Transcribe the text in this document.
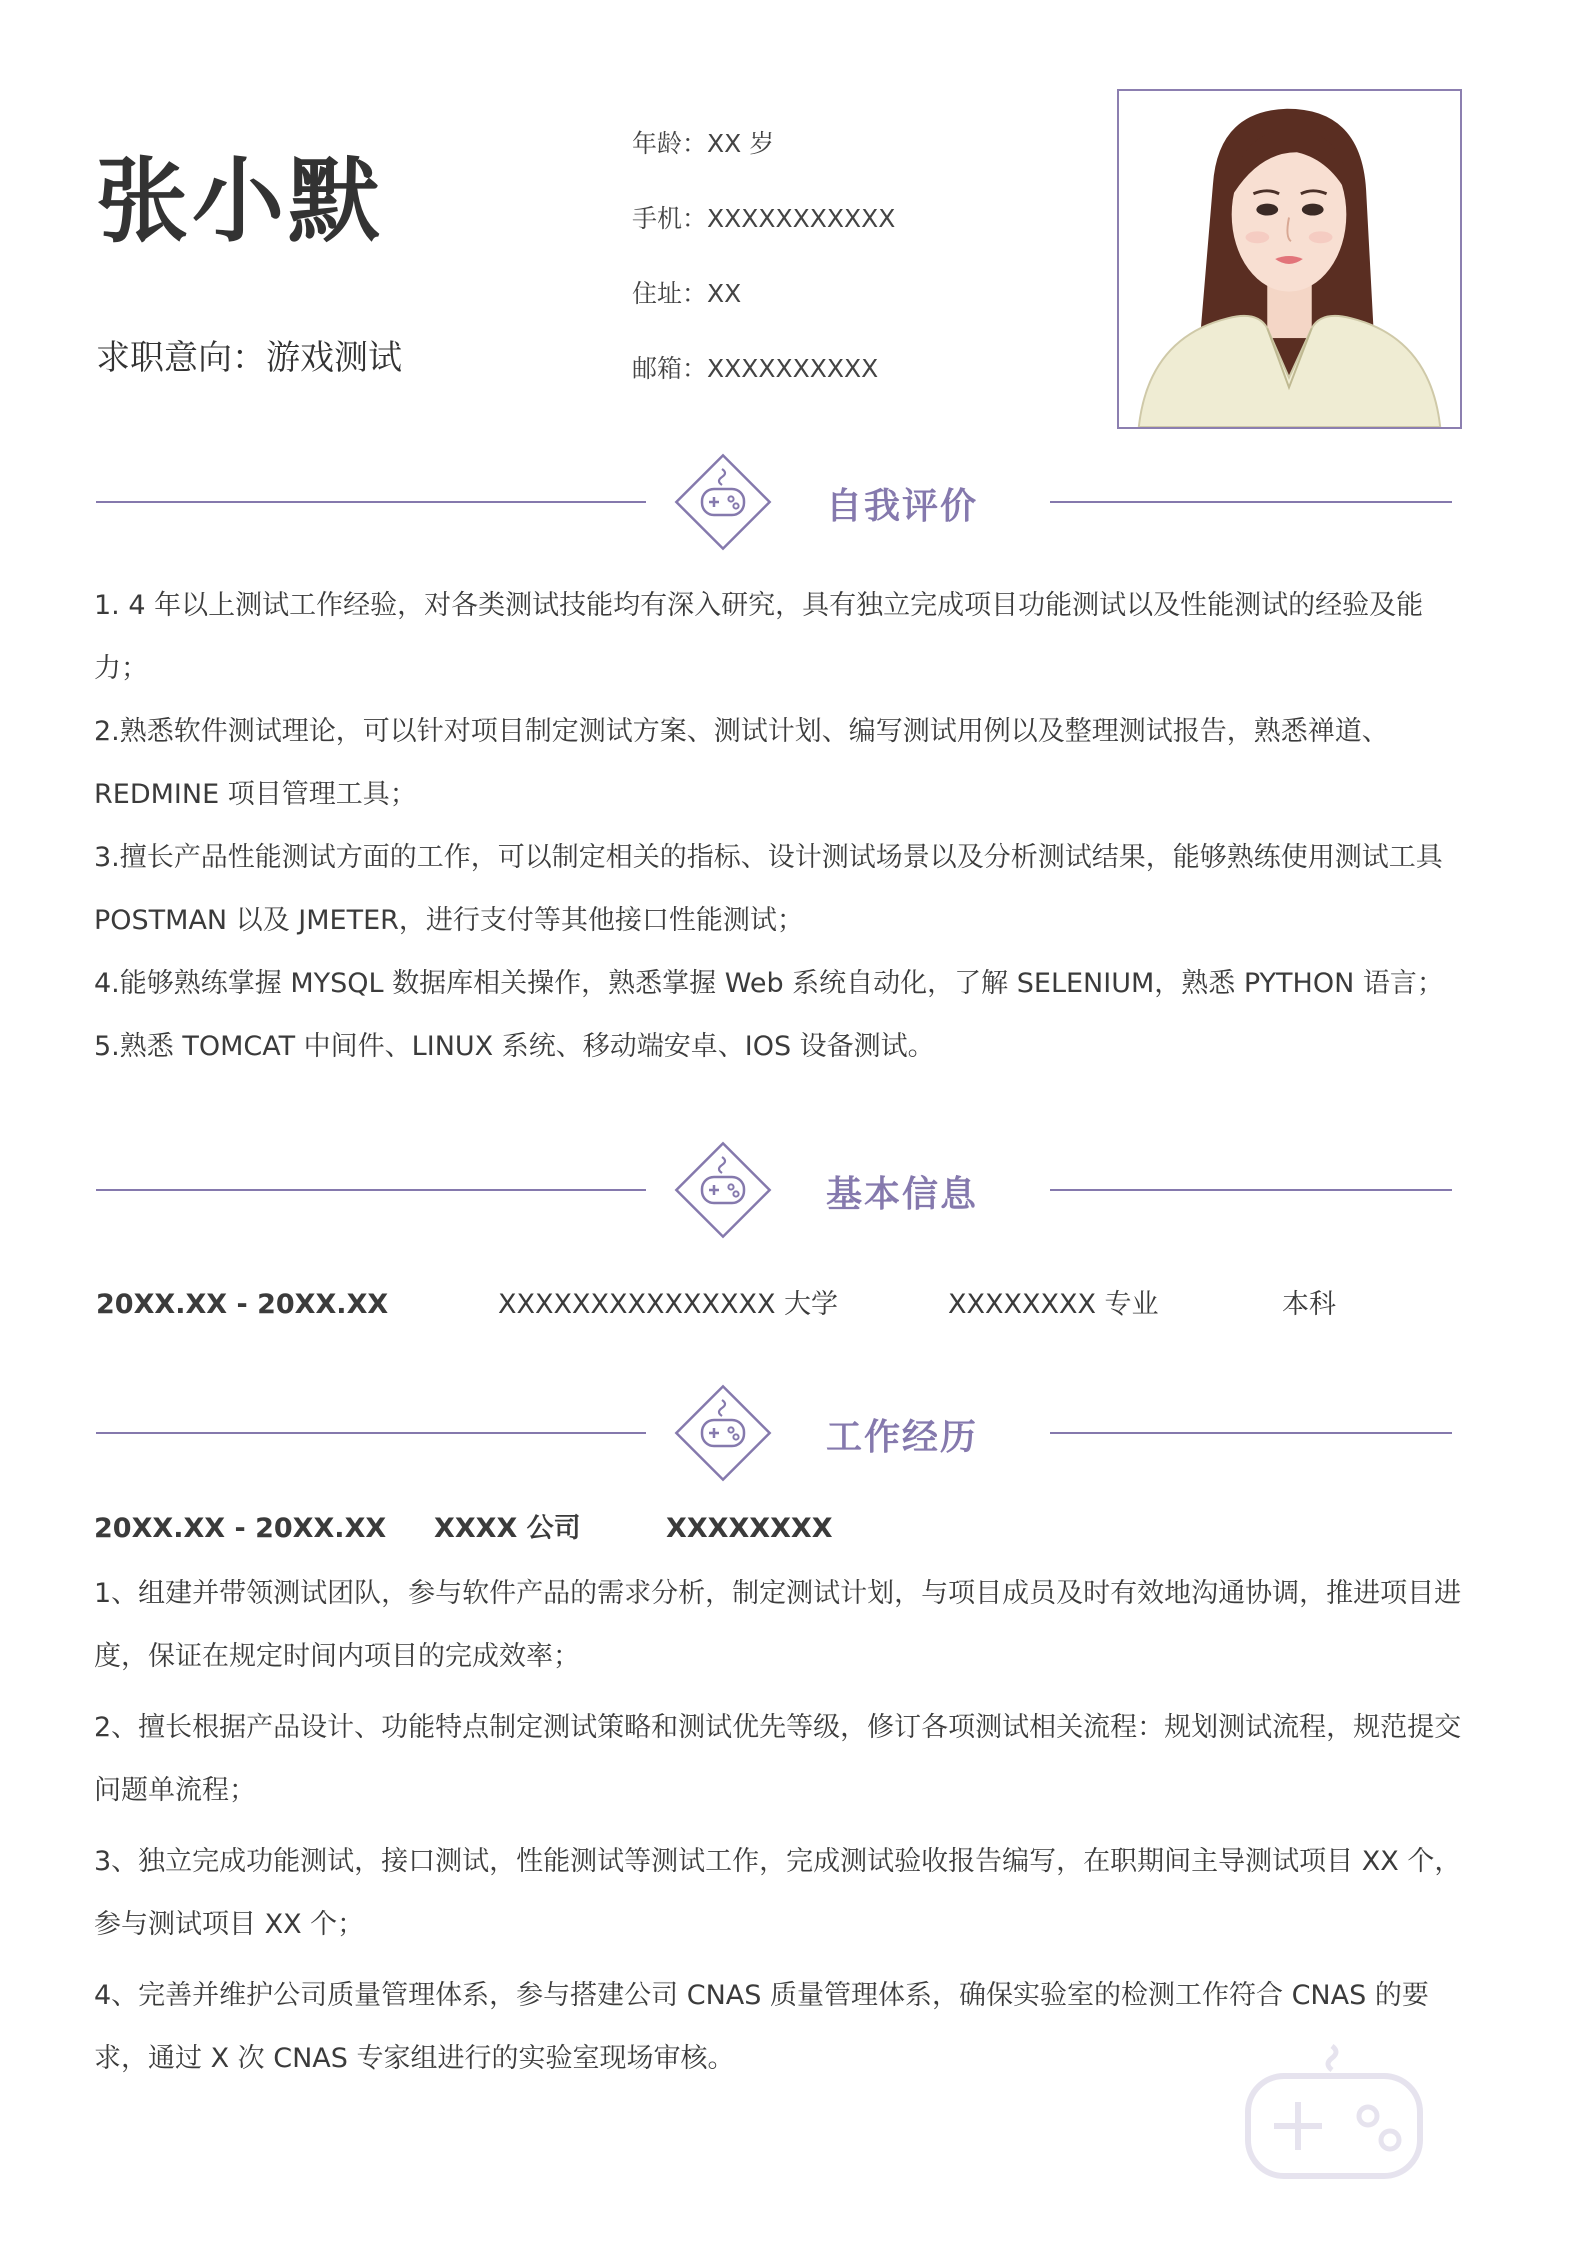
张小默
求职意向：游戏测试
年龄：XX 岁
手机：XXXXXXXXXXX
住址：XX
邮箱：XXXXXXXXXX
自我评价

1. 4 年以上测试工作经验，对各类测试技能均有深入研究，具有独立完成项目功能测试以及性能测试的经验及能力；

2.熟悉软件测试理论，可以针对项目制定测试方案、测试计划、编写测试用例以及整理测试报告，熟悉禅道、REDMINE 项目管理工具；

3.擅长产品性能测试方面的工作，可以制定相关的指标、设计测试场景以及分析测试结果，能够熟练使用测试工具 POSTMAN 以及 JMETER，进行支付等其他接口性能测试；

4.能够熟练掌握 MYSQL 数据库相关操作，熟悉掌握 Web 系统自动化，了解 SELENIUM，熟悉 PYTHON 语言；

5.熟悉 TOMCAT 中间件、LINUX 系统、移动端安卓、IOS 设备测试。

基本信息
20XX.XX - 20XX.XX	XXXXXXXXXXXXXXX 大学	XXXXXXXX 专业	本科
工作经历
20XX.XX - 20XX.XX XXXX 公司	XXXXXXXX

1、组建并带领测试团队，参与软件产品的需求分析，制定测试计划，与项目成员及时有效地沟通协调，推进项目进度，保证在规定时间内项目的完成效率；

2、擅长根据产品设计、功能特点制定测试策略和测试优先等级，修订各项测试相关流程：规划测试流程，规范提交问题单流程；

3、独立完成功能测试，接口测试，性能测试等测试工作，完成测试验收报告编写，在职期间主导测试项目 XX 个，参与测试项目 XX 个；

4、完善并维护公司质量管理体系，参与搭建公司 CNAS 质量管理体系，确保实验室的检测工作符合 CNAS 的要求，通过 X 次 CNAS 专家组进行的实验室现场审核。
